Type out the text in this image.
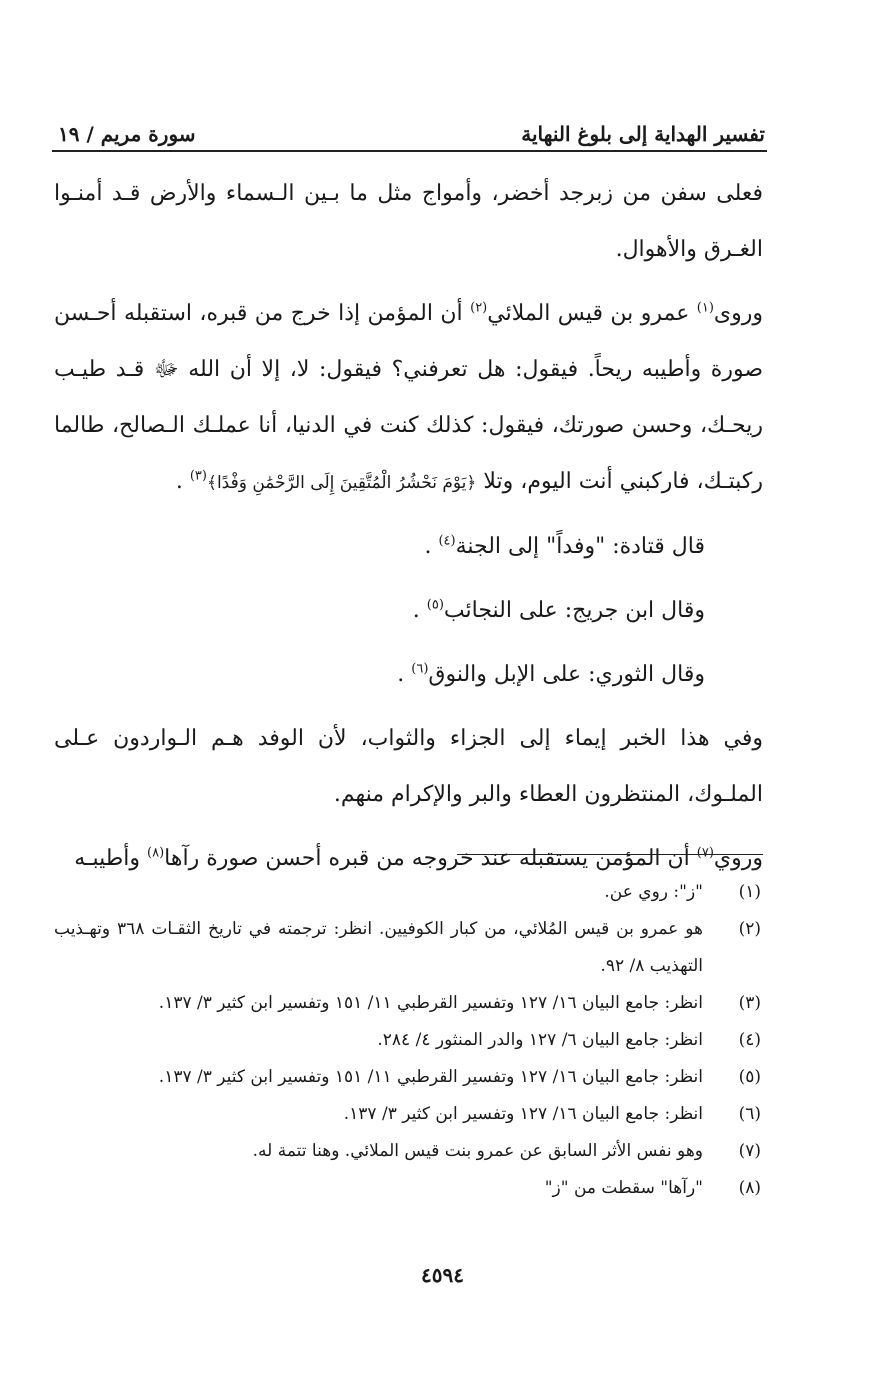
تفسير الهداية إلى بلوغ النهاية
سورة مريم / ١٩

فعلى سفن من زبرجد أخضر، وأمواج مثل ما بـين الـسماء والأرض قـد أمنـوا الغـرق والأهوال.

وروى$^{(١)}$ عمرو بن قيس الملائي$^{(٢)}$ أن المؤمن إذا خرج من قبره، استقبله أحـسن صورة وأطيبه ريحاً. فيقول: هل تعرفني؟ فيقول: لا، إلا أن الله ﷻ قـد طيـب ريحـك، وحسن صورتك، فيقول: كذلك كنت في الدنيا، أنا عملـك الـصالح، طالما ركبتـك، فاركبني أنت اليوم، وتلا ﴿يَوْمَ نَحْشُرُ الْمُتَّقِينَ إِلَى الرَّحْمَٰنِ وَفْدًا﴾$^{(٣)}$ .

قال قتادة: "وفداً" إلى الجنة$^{(٤)}$ .

وقال ابن جريج: على النجائب$^{(٥)}$ .

وقال الثوري: على الإبل والنوق$^{(٦)}$ .

وفي هذا الخبر إيماء إلى الجزاء والثواب، لأن الوفد هـم الـواردون عـلى الملـوك، المنتظرون العطاء والبر والإكرام منهم.

وروي$^{(٧)}$ أن المؤمن يستقبله عند خروجه من قبره أحسن صورة رآها$^{(٨)}$ وأطيبـه

(١)
"ز": روي عن.
(٢)
هو عمرو بن قيس المُلائي، من كبار الكوفيين. انظر: ترجمته في تاريخ الثقـات ٣٦٨ وتهـذيب التهذيب ٨/ ٩٢.
(٣)
انظر: جامع البيان ١٦/ ١٢٧ وتفسير القرطبي ١١/ ١٥١ وتفسير ابن كثير ٣/ ١٣٧.
(٤)
انظر: جامع البيان ٦/ ١٢٧ والدر المنثور ٤/ ٢٨٤.
(٥)
انظر: جامع البيان ١٦/ ١٢٧ وتفسير القرطبي ١١/ ١٥١ وتفسير ابن كثير ٣/ ١٣٧.
(٦)
انظر: جامع البيان ١٦/ ١٢٧ وتفسير ابن كثير ٣/ ١٣٧.
(٧)
وهو نفس الأثر السابق عن عمرو بنت قيس الملائي. وهنا تتمة له.
(٨)
"رآها" سقطت من "ز"
٤٥٩٤
